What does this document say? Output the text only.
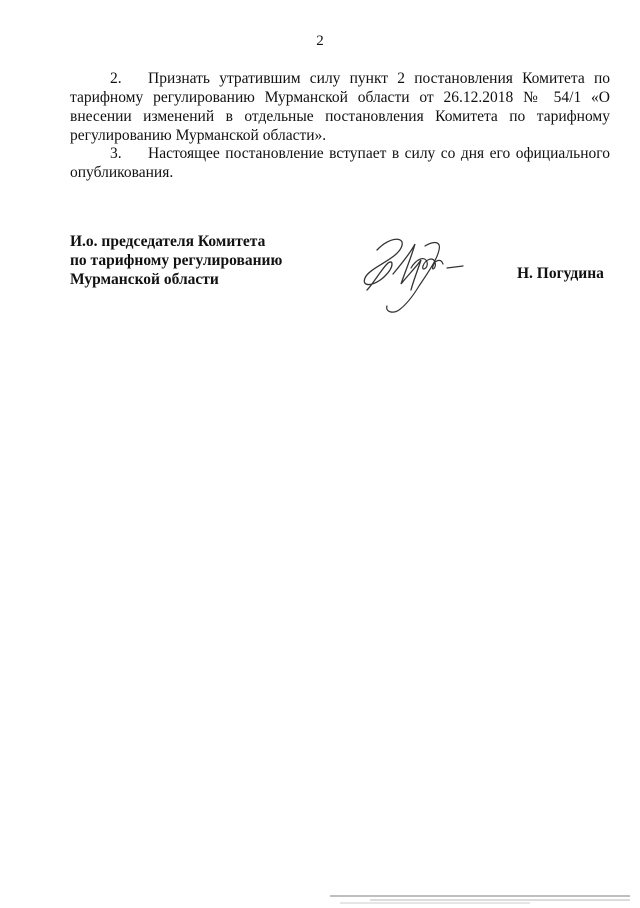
2
2. Признать утратившим силу пункт 2 постановления Комитета по тарифному регулированию Мурманской области от 26.12.2018 № 54/1 «О внесении изменений в отдельные постановления Комитета по тарифному регулированию Мурманской области».
3. Настоящее постановление вступает в силу со дня его официального опубликования.
И.о. председателя Комитета
по тарифному регулированию
Мурманской области	Н. Погудина
